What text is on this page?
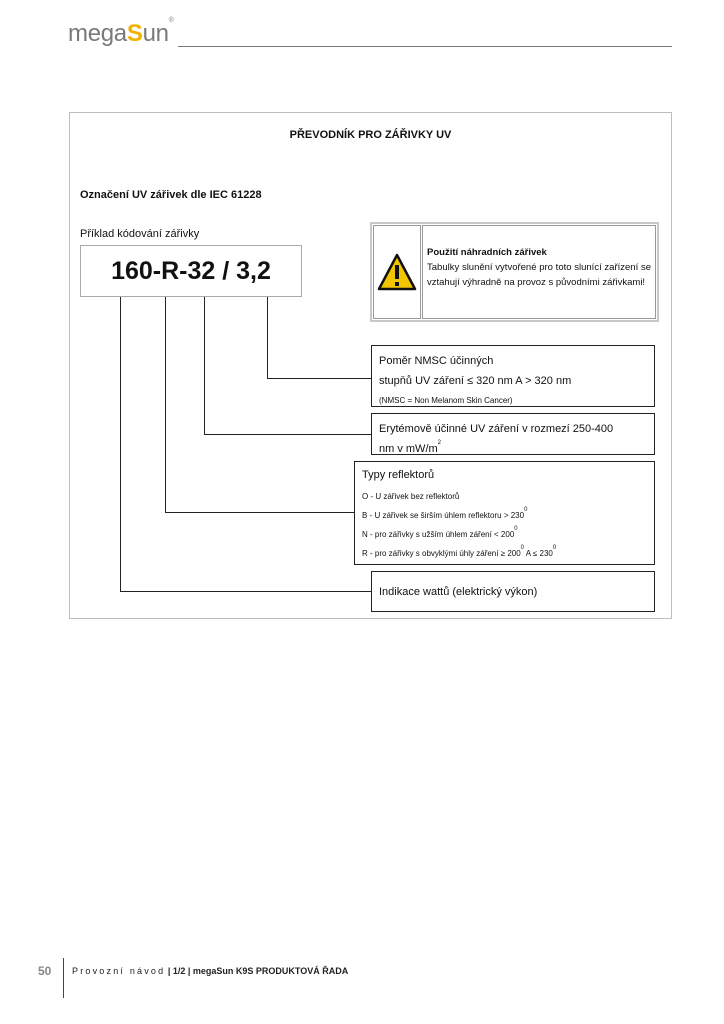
megaSun®
PŘEVODNÍK PRO ZÁŘIVKY UV
Označení UV zářivek dle IEC 61228
Příklad kódování zářivky
160-R-32 / 3,2
Použití náhradních zářivek
Tabulky slunění vytvořené pro toto slunící zařízení se vztahují výhradně na provoz s původními zářivkami!
Poměr NMSC účinných
stupňů UV záření ≤ 320 nm A > 320 nm
(NMSC = Non Melanom Skin Cancer)
Erytémově účinné UV záření v rozmezí 250-400
nm v $mW/m^2$
Typy reflektorů
O - U zářivek bez reflektorů
B - U zářivek se širším úhlem reflektoru > $230^0$
N - pro zářivky s užším úhlem záření < $200^0$
R - pro zářivky s obvyklými úhly záření ≥ $200^0$ $A \le 230^0$
Indikace wattů (elektrický výkon)
50 Provozní návod | 1/2 | megaSun K9S PRODUKTOVÁ ŘADA
